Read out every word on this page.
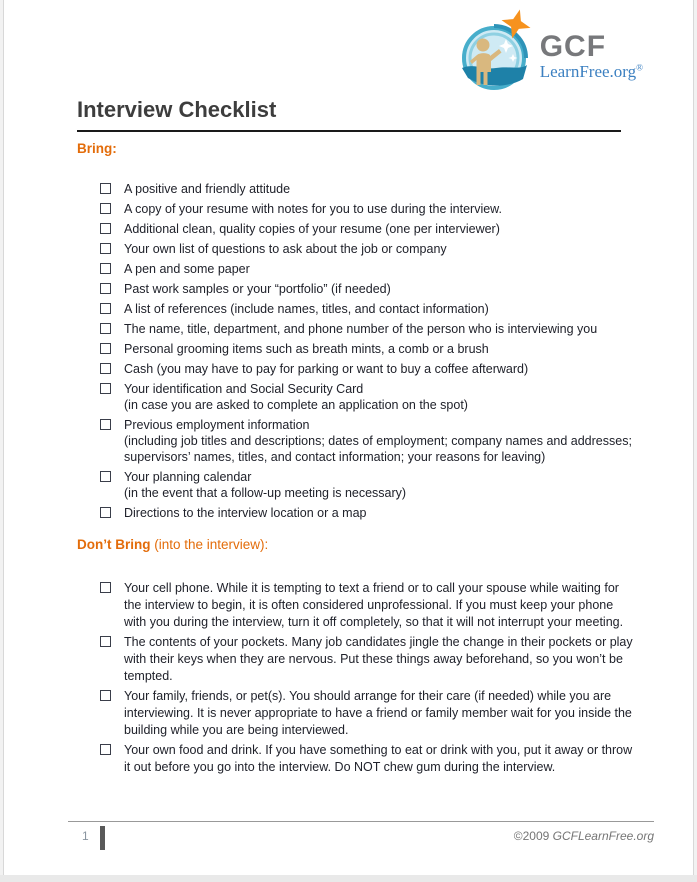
GCF
LearnFree.org®
Interview Checklist
Bring:
A positive and friendly attitude
A copy of your resume with notes for you to use during the interview.
Additional clean, quality copies of your resume (one per interviewer)
Your own list of questions to ask about the job or company
A pen and some paper
Past work samples or your “portfolio” (if needed)
A list of references (include names, titles, and contact information)
The name, title, department, and phone number of the person who is interviewing you
Personal grooming items such as breath mints, a comb or a brush
Cash (you may have to pay for parking or want to buy a coffee afterward)
Your identification and Social Security Card
(in case you are asked to complete an application on the spot)
Previous employment information
(including job titles and descriptions; dates of employment; company names and addresses; supervisors’ names, titles, and contact information; your reasons for leaving)
Your planning calendar
(in the event that a follow-up meeting is necessary)
Directions to the interview location or a map
Don’t Bring (into the interview):
Your cell phone. While it is tempting to text a friend or to call your spouse while waiting for the interview to begin, it is often considered unprofessional. If you must keep your phone with you during the interview, turn it off completely, so that it will not interrupt your meeting.
The contents of your pockets. Many job candidates jingle the change in their pockets or play with their keys when they are nervous. Put these things away beforehand, so you won’t be tempted.
Your family, friends, or pet(s). You should arrange for their care (if needed) while you are interviewing. It is never appropriate to have a friend or family member wait for you inside the building while you are being interviewed.
Your own food and drink. If you have something to eat or drink with you, put it away or throw it out before you go into the interview. Do NOT chew gum during the interview.
1	©2009 GCFLearnFree.org
